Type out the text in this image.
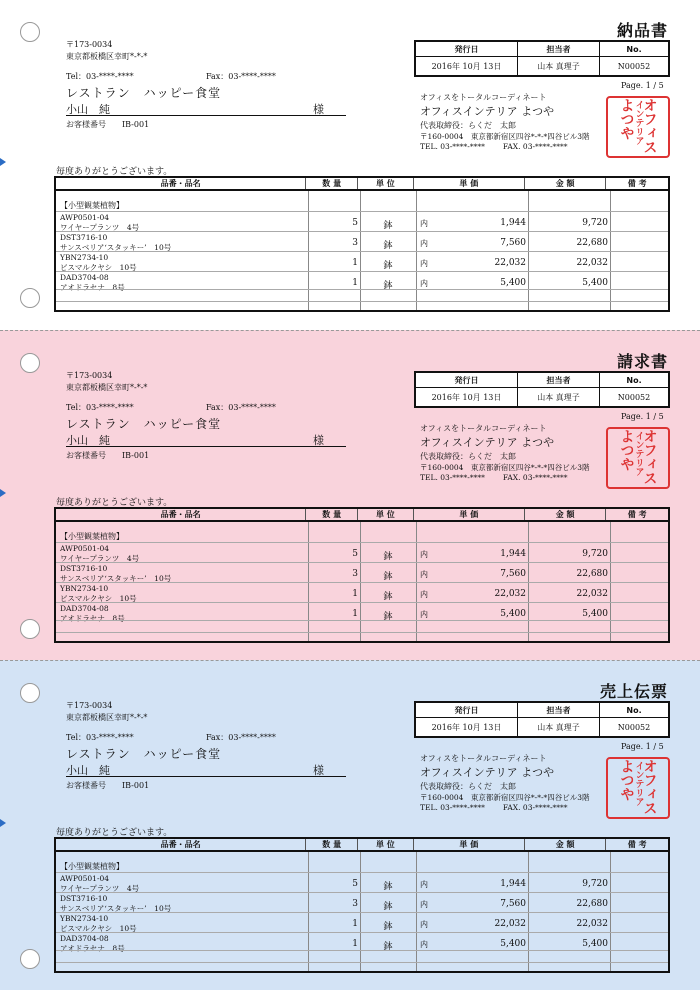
納品書
〒173-0034
東京都板橋区幸町*-*-*
Tel：03-****-****	Fax：03-****-****
レストラン　ハッピー食堂
小山　純	様
お客様番号　　IB-001
発行日	担当者	No.
2016年 10月 13日	山本 真理子	N00052
Page. 1 / 5
オフィスをトータルコーディネート
オフィスインテリア よつや
代表取締役：らくだ　太郎
〒160-0004　東京都新宿区四谷*-*-*四谷ビル3階
TEL. 03-****-**** FAX. 03-****-****	オフィス
インテリア
よつや
毎度ありがとうございます。
品番・品名	数 量	単 位	単 価	金 額	備 考
【小型観葉植物】
AWP0501-04
ワイヤープランツ　4号	5	鉢	内	1,944	9,720
DST3716-10
サンスベリア‘スタッキー’　10号	3	鉢	内	7,560	22,680
YBN2734-10
ビスマルクヤシ　10号	1	鉢	内	22,032	22,032
DAD3704-08
アオドラセナ　8号	1	鉢	内	5,400	5,400
請求書
〒173-0034
東京都板橋区幸町*-*-*
Tel：03-****-****	Fax：03-****-****
レストラン　ハッピー食堂
小山　純	様
お客様番号　　IB-001
発行日	担当者	No.
2016年 10月 13日	山本 真理子	N00052
Page. 1 / 5
オフィスをトータルコーディネート
オフィスインテリア よつや
代表取締役：らくだ　太郎
〒160-0004　東京都新宿区四谷*-*-*四谷ビル3階
TEL. 03-****-**** FAX. 03-****-****	オフィス
インテリア
よつや
毎度ありがとうございます。
品番・品名	数 量	単 位	単 価	金 額	備 考
【小型観葉植物】
AWP0501-04
ワイヤープランツ　4号	5	鉢	内	1,944	9,720
DST3716-10
サンスベリア‘スタッキー’　10号	3	鉢	内	7,560	22,680
YBN2734-10
ビスマルクヤシ　10号	1	鉢	内	22,032	22,032
DAD3704-08
アオドラセナ　8号	1	鉢	内	5,400	5,400
売上伝票
〒173-0034
東京都板橋区幸町*-*-*
Tel：03-****-****	Fax：03-****-****
レストラン　ハッピー食堂
小山　純	様
お客様番号　　IB-001
発行日	担当者	No.
2016年 10月 13日	山本 真理子	N00052
Page. 1 / 5
オフィスをトータルコーディネート
オフィスインテリア よつや
代表取締役：らくだ　太郎
〒160-0004　東京都新宿区四谷*-*-*四谷ビル3階
TEL. 03-****-**** FAX. 03-****-****	オフィス
インテリア
よつや
毎度ありがとうございます。
品番・品名	数 量	単 位	単 価	金 額	備 考
【小型観葉植物】
AWP0501-04
ワイヤープランツ　4号	5	鉢	内	1,944	9,720
DST3716-10
サンスベリア‘スタッキー’　10号	3	鉢	内	7,560	22,680
YBN2734-10
ビスマルクヤシ　10号	1	鉢	内	22,032	22,032
DAD3704-08
アオドラセナ　8号	1	鉢	内	5,400	5,400
